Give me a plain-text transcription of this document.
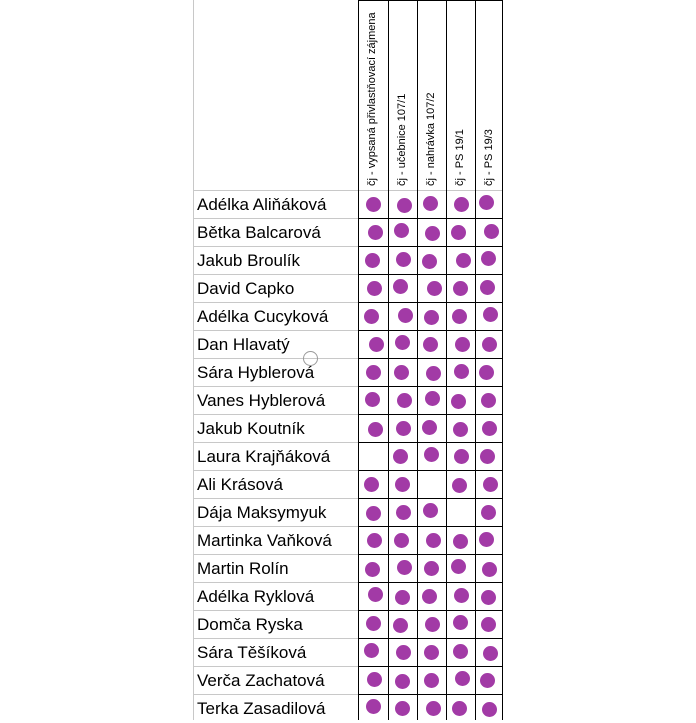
čj - vypsaná přivlastňovací zájmena čj - učebnice 107/1 čj - nahrávka 107/2 čj - PS 19/1 čj - PS 19/3
Adélka Aliňáková
Bětka Balcarová
Jakub Broulík
David Capko
Adélka Cucyková
Dan Hlavatý
Sára Hyblerová
Vanes Hyblerová
Jakub Koutník
Laura Krajňáková
Ali Krásová
Dája Maksymyuk
Martinka Vaňková
Martin Rolín
Adélka Ryklová
Domča Ryska
Sára Těšíková
Verča Zachatová
Terka Zasadilová
